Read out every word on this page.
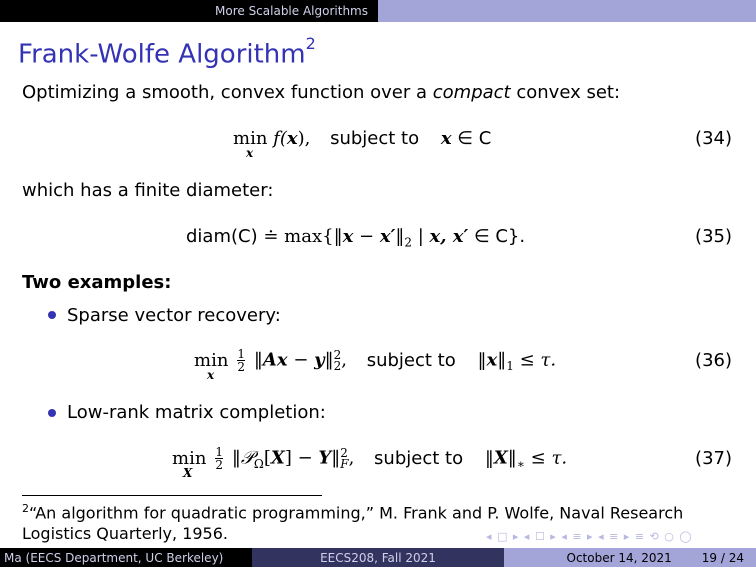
More Scalable Algorithms
Frank-Wolfe Algorithm$^2$
Optimizing a smooth, convex function over a compact convex set:
min
x
f(x), subject to x ∈ C	(34)
which has a finite diameter:
diam(C) ≐ max{‖x − $x'‖_2$ | x, x′ ∈ C}.	(35)
Two examples:
Sparse vector recovery:
min
x

$\frac{1}{2}$ ‖Ax − y‖ 2
2 , subject to $‖x‖_1 \le \tau$.	(36)
Low-rank matrix completion:
min
X

$\frac{1}{2}$ ‖𝒫$_\Omega$[X] − Y‖ 2
F , subject to $‖X‖_∗ \le \tau$.	(37)
$^2$“An algorithm for quadratic programming,” M. Frank and P. Wolfe, Naval Research
Logistics Quarterly, 1956.	◂ □ ▸ ◂ ☐ ▸ ◂ ≡ ▸ ◂ ≡ ▸ ≡ ⟲ ○ ◯
Ma (EECS Department, UC Berkeley)	EECS208, Fall 2021	October 14, 2021	19 / 24
